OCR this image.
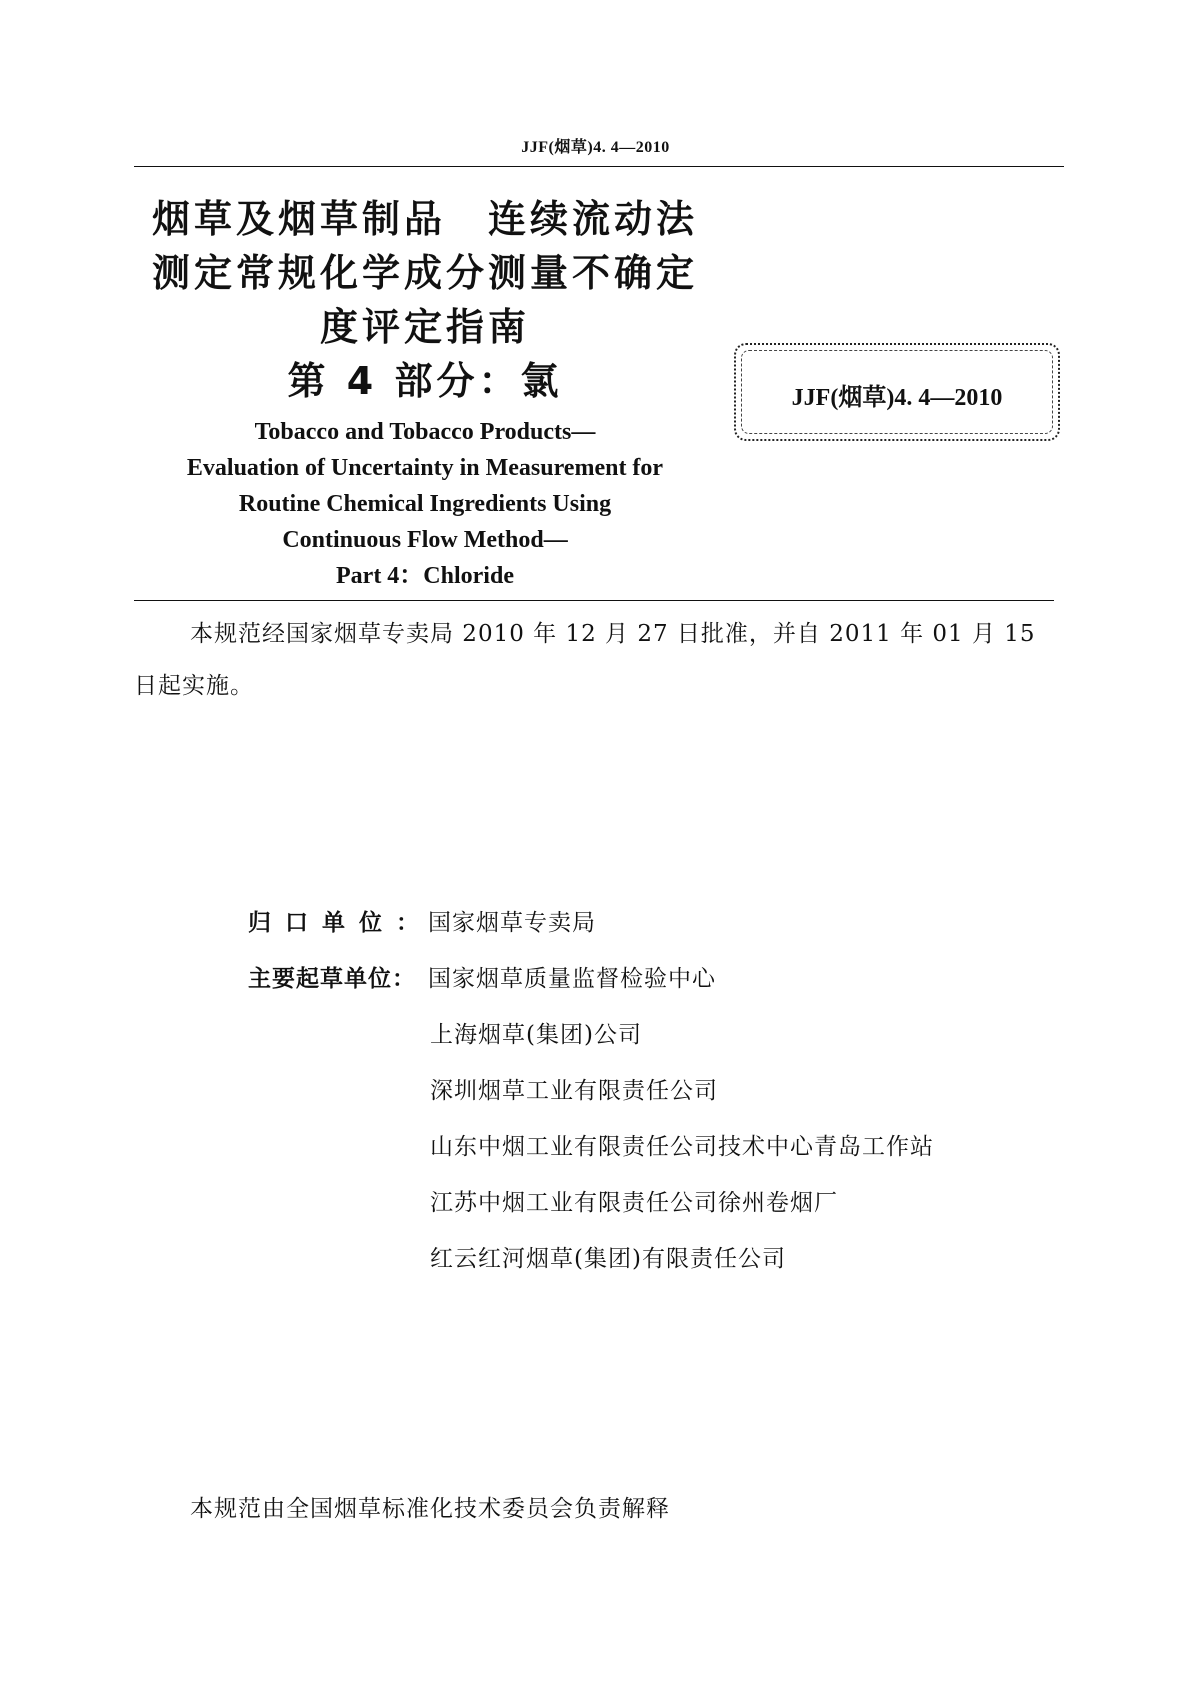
JJF(烟草)4. 4—2010
烟草及烟草制品　连续流动法
测定常规化学成分测量不确定
度评定指南
第 4 部分：氯	JJF(烟草)4. 4—2010
Tobacco and Tobacco Products—
Evaluation of Uncertainty in Measurement for
Routine Chemical Ingredients Using
Continuous Flow Method—
Part 4：Chloride
本规范经国家烟草专卖局 2010 年 12 月 27 日批准，并自 2011 年 01 月 15 日起实施。
归口单位：国家烟草专卖局
主要起草单位： 国家烟草质量监督检验中心
上海烟草(集团)公司
深圳烟草工业有限责任公司
山东中烟工业有限责任公司技术中心青岛工作站
江苏中烟工业有限责任公司徐州卷烟厂
红云红河烟草(集团)有限责任公司
本规范由全国烟草标准化技术委员会负责解释
